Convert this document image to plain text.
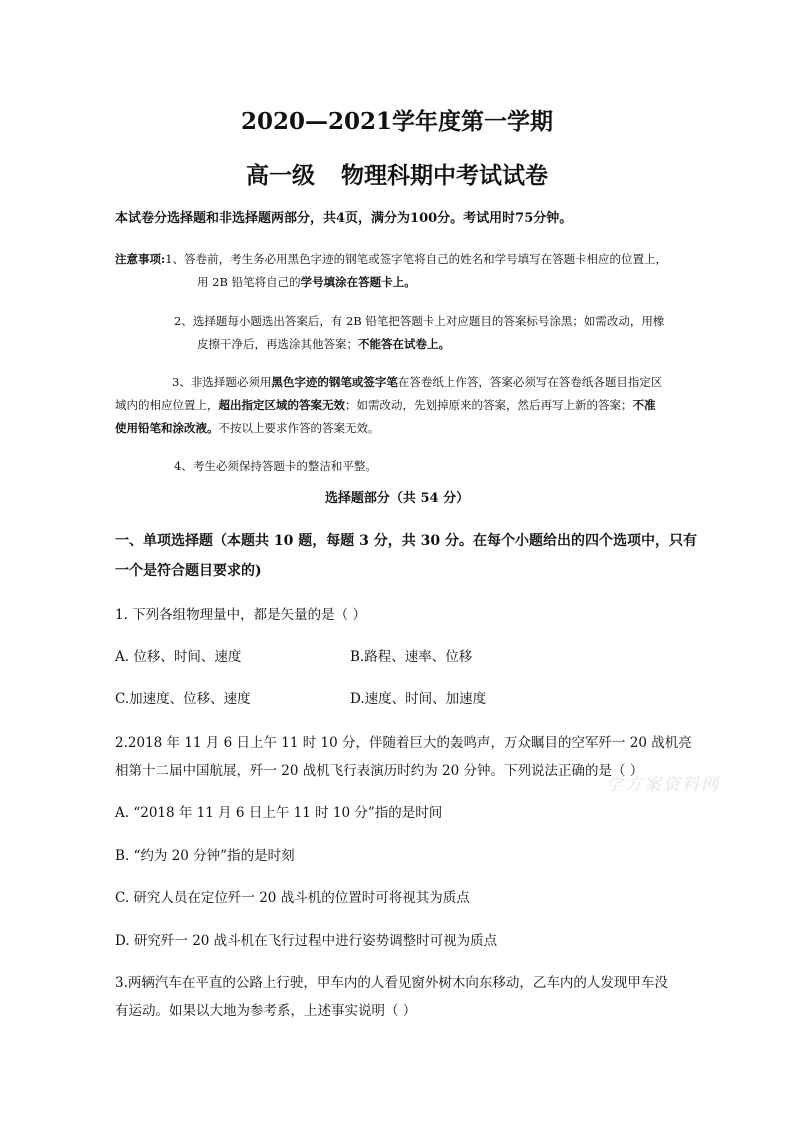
2020—2021学年度第一学期
高一级 物理科期中考试试卷
本试卷分选择题和非选择题两部分，共4页，满分为100分。考试用时75分钟。
注意事项:1、答卷前，考生务必用黑色字迹的钢笔或签字笔将自己的姓名和学号填写在答题卡相应的位置上，
用 2B 铅笔将自己的学号填涂在答题卡上。
2、选择题每小题选出答案后，有 2B 铅笔把答题卡上对应题目的答案标号涂黑；如需改动，用橡
皮擦干净后，再选涂其他答案；不能答在试卷上。
3、非选择题必须用黑色字迹的钢笔或签字笔在答卷纸上作答，答案必须写在答卷纸各题目指定区
域内的相应位置上，超出指定区域的答案无效；如需改动，先划掉原来的答案，然后再写上新的答案；不准
使用铅笔和涂改液。不按以上要求作答的答案无效。
4、考生必须保持答题卡的整洁和平整。
选择题部分（共 54 分）
一、单项选择题（本题共 10 题，每题 3 分，共 30 分。在每个小题给出的四个选项中，只有
一个是符合题目要求的)
1. 下列各组物理量中，都是矢量的是（ ）
A. 位移、时间、速度	B.路程、速率、位移
C.加速度、位移、速度	D.速度、时间、加速度
2.2018 年 11 月 6 日上午 11 时 10 分，伴随着巨大的轰鸣声，万众瞩目的空军歼一 20 战机亮
相第十二届中国航展，歼一 20 战机飞行表演历时约为 20 分钟。下列说法正确的是（ ）
A. “2018 年 11 月 6 日上午 11 时 10 分”指的是时间
B. “约为 20 分钟”指的是时刻
C. 研究人员在定位歼一 20 战斗机的位置时可将视其为质点
D. 研究歼一 20 战斗机在飞行过程中进行姿势调整时可视为质点
3.两辆汽车在平直的公路上行驶，甲车内的人看见窗外树木向东移动，乙车内的人发现甲车没
有运动。如果以大地为参考系，上述事实说明（ ）
学方案资料网
